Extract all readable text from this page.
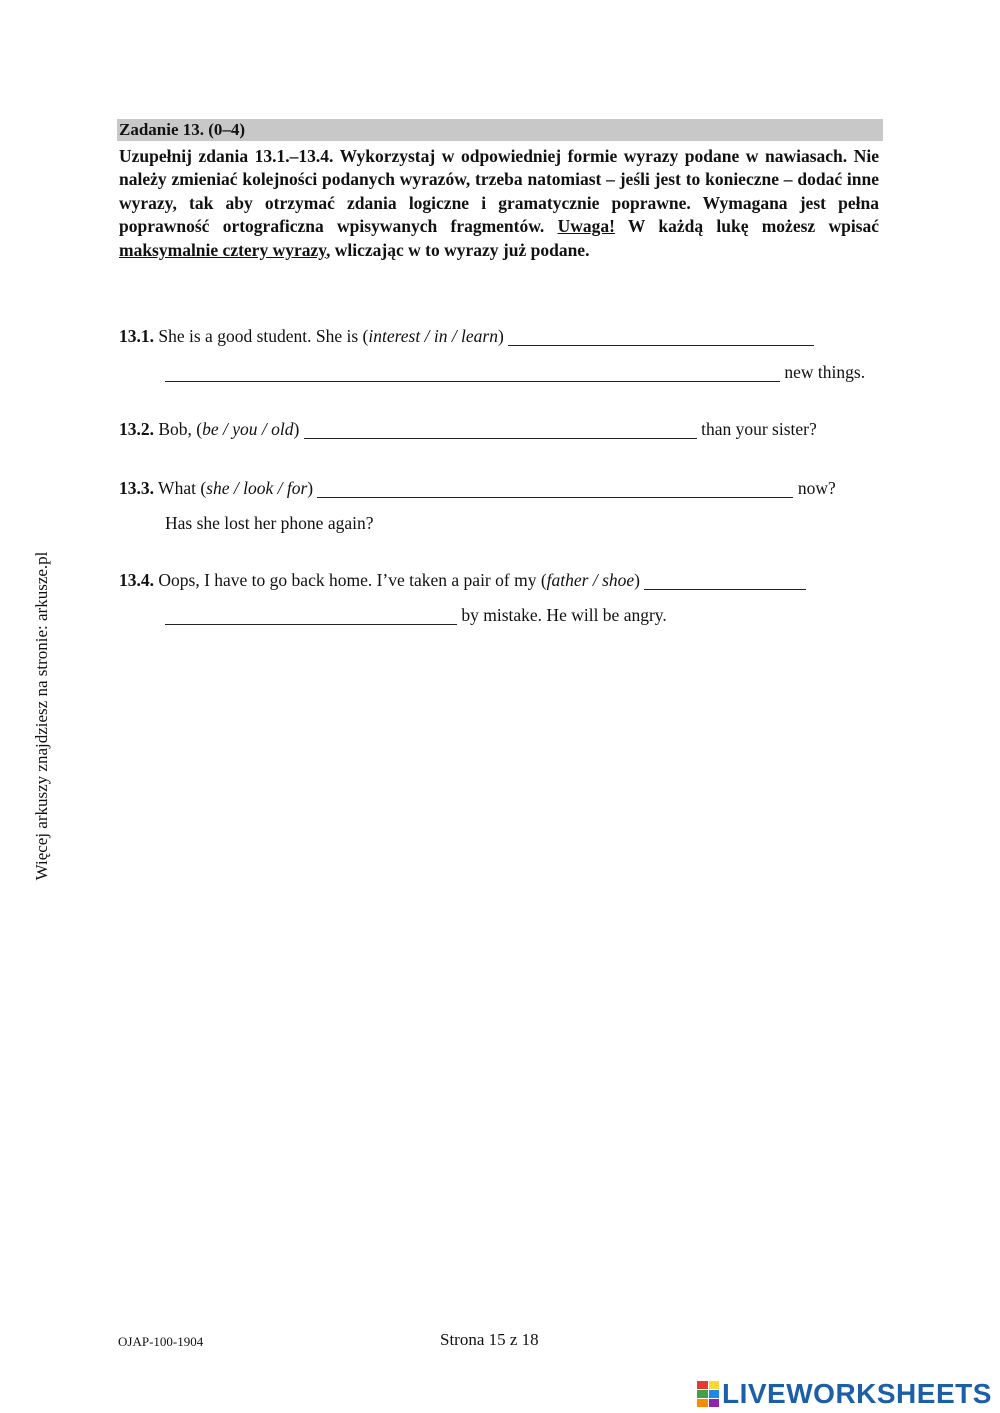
Zadanie 13. (0–4)
Uzupełnij zdania 13.1.–13.4. Wykorzystaj w odpowiedniej formie wyrazy podane w nawiasach. Nie należy zmieniać kolejności podanych wyrazów, trzeba natomiast – jeśli jest to konieczne – dodać inne wyrazy, tak aby otrzymać zdania logiczne i gramatycznie poprawne. Wymagana jest pełna poprawność ortograficzna wpisywanych fragmentów. Uwaga! W każdą lukę możesz wpisać maksymalnie cztery wyrazy, wliczając w to wyrazy już podane.
13.1. She is a good student. She is (interest / in / learn)
new things.
13.2. Bob, (be / you / old)	than your sister?
13.3. What (she / look / for)	now?
Has she lost her phone again?
13.4. Oops, I have to go back home. I’ve taken a pair of my (father / shoe)
by mistake. He will be angry.
Więcej arkuszy znajdziesz na stronie: arkusze.pl
OJAP-100-1904	Strona 15 z 18
LIVEWORKSHEETS
